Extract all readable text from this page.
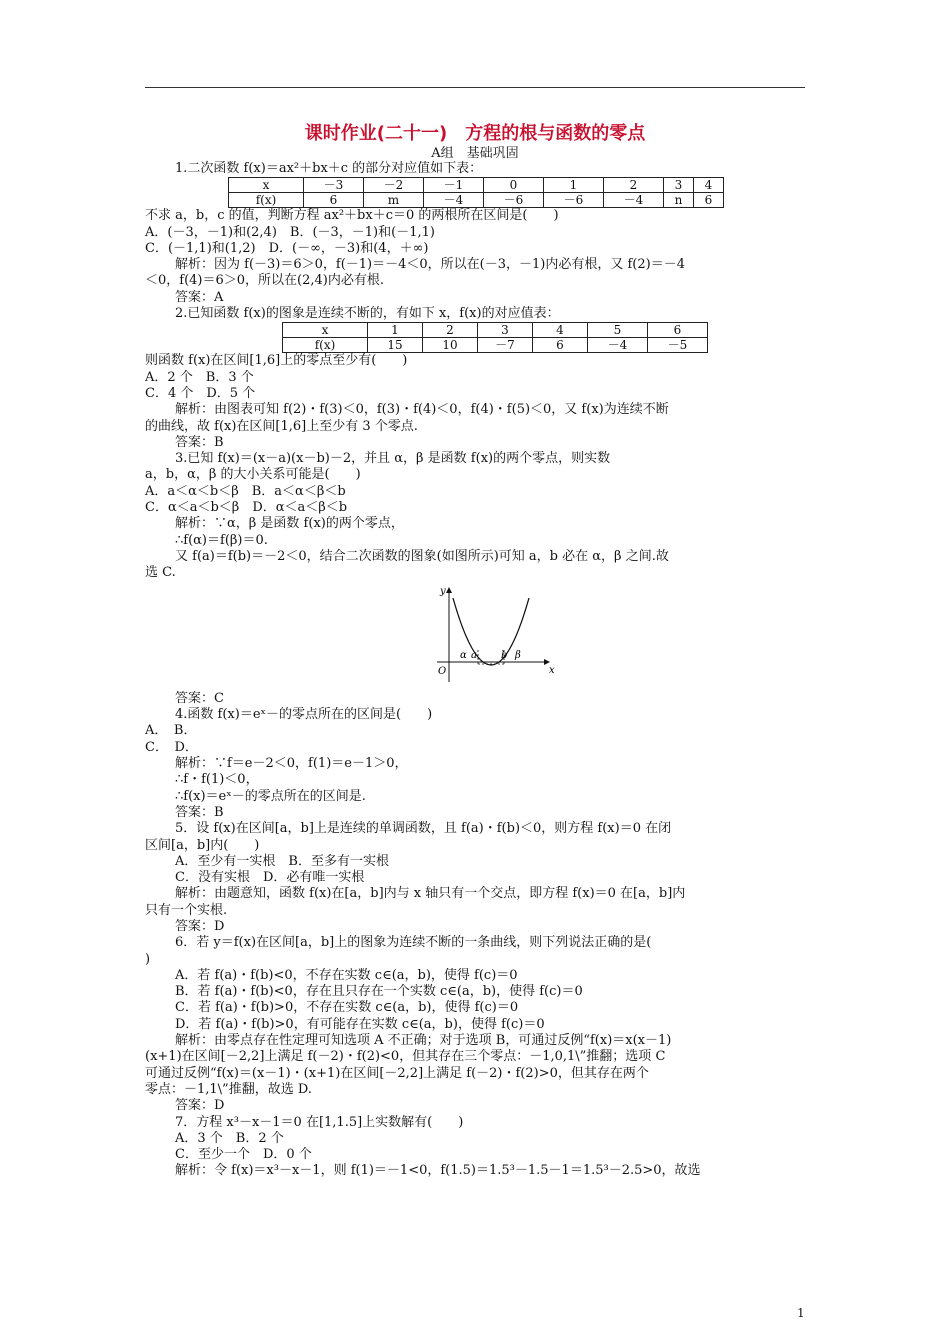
课时作业(二十一)　方程的根与函数的零点
A组　基础巩固
1.二次函数 f(x)＝ax²＋bx＋c 的部分对应值如下表：
x	－3	－2	－1	0	1	2	3	4
f(x)	6	m	－4	－6	－6	－4	n	6
不求 a，b，c 的值，判断方程 ax²＋bx＋c＝0 的两根所在区间是(　　)
A．(－3，－1)和(2,4)　B．(－3，－1)和(－1,1)
C．(－1,1)和(1,2)　D．(－∞，－3)和(4，＋∞)
解析：因为 f(－3)＝6＞0，f(－1)＝－4＜0，所以在(－3，－1)内必有根，又 f(2)＝－4
＜0，f(4)＝6＞0，所以在(2,4)内必有根.
答案：A
2.已知函数 f(x)的图象是连续不断的，有如下 x，f(x)的对应值表：
x	1	2	3	4	5	6
f(x)	15	10	－7	6	－4	－5
则函数 f(x)在区间[1,6]上的零点至少有(　　)
A．2 个　B．3 个
C．4 个　D．5 个
解析：由图表可知 f(2)・f(3)＜0，f(3)・f(4)＜0，f(4)・f(5)＜0，又 f(x)为连续不断
的曲线，故 f(x)在区间[1,6]上至少有 3 个零点.
答案：B
3.已知 f(x)＝(x－a)(x－b)－2，并且 α，β 是函数 f(x)的两个零点，则实数
a，b，α，β 的大小关系可能是(　　)
A．a＜α＜b＜β　B．a＜α＜β＜b
C．α＜a＜b＜β　D．α＜a＜β＜b
解析：∵α，β 是函数 f(x)的两个零点，
∴f(α)＝f(β)＝0.
又 f(a)＝f(b)＝－2＜0，结合二次函数的图象(如图所示)可知 a，b 必在 α，β 之间.故
选 C.
y
x
O
α a b β
答案：C
4.函数 f(x)＝eˣ－的零点所在的区间是(　　)
A．　B．
C．　D．
解析：∵f＝e－2＜0，f(1)＝e－1＞0，
∴f・f(1)＜0，
∴f(x)＝eˣ－的零点所在的区间是.
答案：B
5．设 f(x)在区间[a，b]上是连续的单调函数，且 f(a)・f(b)＜0，则方程 f(x)＝0 在闭
区间[a，b]内(　　)
A．至少有一实根　B．至多有一实根
C．没有实根　D．必有唯一实根
解析：由题意知，函数 f(x)在[a，b]内与 x 轴只有一个交点，即方程 f(x)＝0 在[a，b]内
只有一个实根.
答案：D
6．若 y＝f(x)在区间[a，b]上的图象为连续不断的一条曲线，则下列说法正确的是(
)
A．若 f(a)・f(b)<0，不存在实数 c∈(a，b)，使得 f(c)＝0
B．若 f(a)・f(b)<0，存在且只存在一个实数 c∈(a，b)，使得 f(c)＝0
C．若 f(a)・f(b)>0，不存在实数 c∈(a，b)，使得 f(c)＝0
D．若 f(a)・f(b)>0，有可能存在实数 c∈(a，b)，使得 f(c)＝0
解析：由零点存在性定理可知选项 A 不正确；对于选项 B，可通过反例“f(x)＝x(x－1)
(x+1)在区间[－2,2]上满足 f(－2)・f(2)<0，但其存在三个零点：－1,0,1\”推翻；选项 C
可通过反例“f(x)＝(x－1)・(x+1)在区间[－2,2]上满足 f(－2)・f(2)>0，但其存在两个
零点：－1,1\”推翻，故选 D.
答案：D
7．方程 x³－x－1＝0 在[1,1.5]上实数解有(　　)
A．3 个　B．2 个
C．至少一个　D．0 个
解析：令 f(x)＝x³－x－1，则 f(1)＝－1<0，f(1.5)＝1.5³－1.5－1＝1.5³－2.5>0，故选
1
